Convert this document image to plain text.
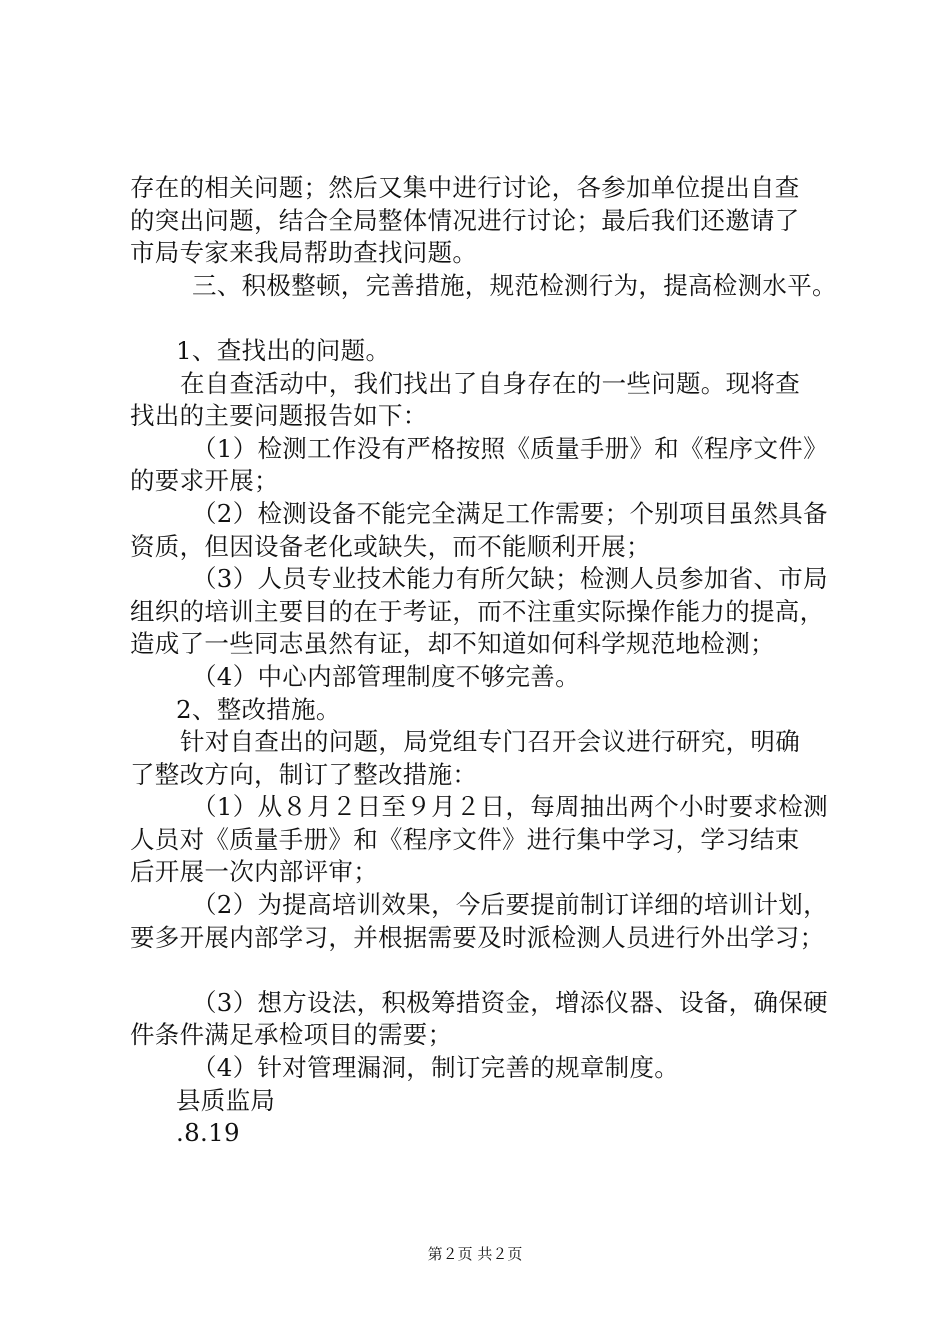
存在的相关问题；然后又集中进行讨论，各参加单位提出自查
的突出问题，结合全局整体情况进行讨论；最后我们还邀请了
市局专家来我局帮助查找问题。
三、积极整顿，完善措施，规范检测行为，提高检测水平。
1、查找出的问题。
在自查活动中，我们找出了自身存在的一些问题。现将查
找出的主要问题报告如下：
（1）检测工作没有严格按照《质量手册》和《程序文件》
的要求开展；
（2）检测设备不能完全满足工作需要；个别项目虽然具备
资质，但因设备老化或缺失，而不能顺利开展；
（3）人员专业技术能力有所欠缺；检测人员参加省、市局
组织的培训主要目的在于考证，而不注重实际操作能力的提高，
造成了一些同志虽然有证，却不知道如何科学规范地检测；
（4）中心内部管理制度不够完善。
2、整改措施。
针对自查出的问题，局党组专门召开会议进行研究，明确
了整改方向，制订了整改措施：
（1）从８月２日至９月２日，每周抽出两个小时要求检测
人员对《质量手册》和《程序文件》进行集中学习，学习结束
后开展一次内部评审；
（2）为提高培训效果，今后要提前制订详细的培训计划，
要多开展内部学习，并根据需要及时派检测人员进行外出学习；
（3）想方设法，积极筹措资金，增添仪器、设备，确保硬
件条件满足承检项目的需要；
（4）针对管理漏洞，制订完善的规章制度。
县质监局
.8.19
第２页 共２页
